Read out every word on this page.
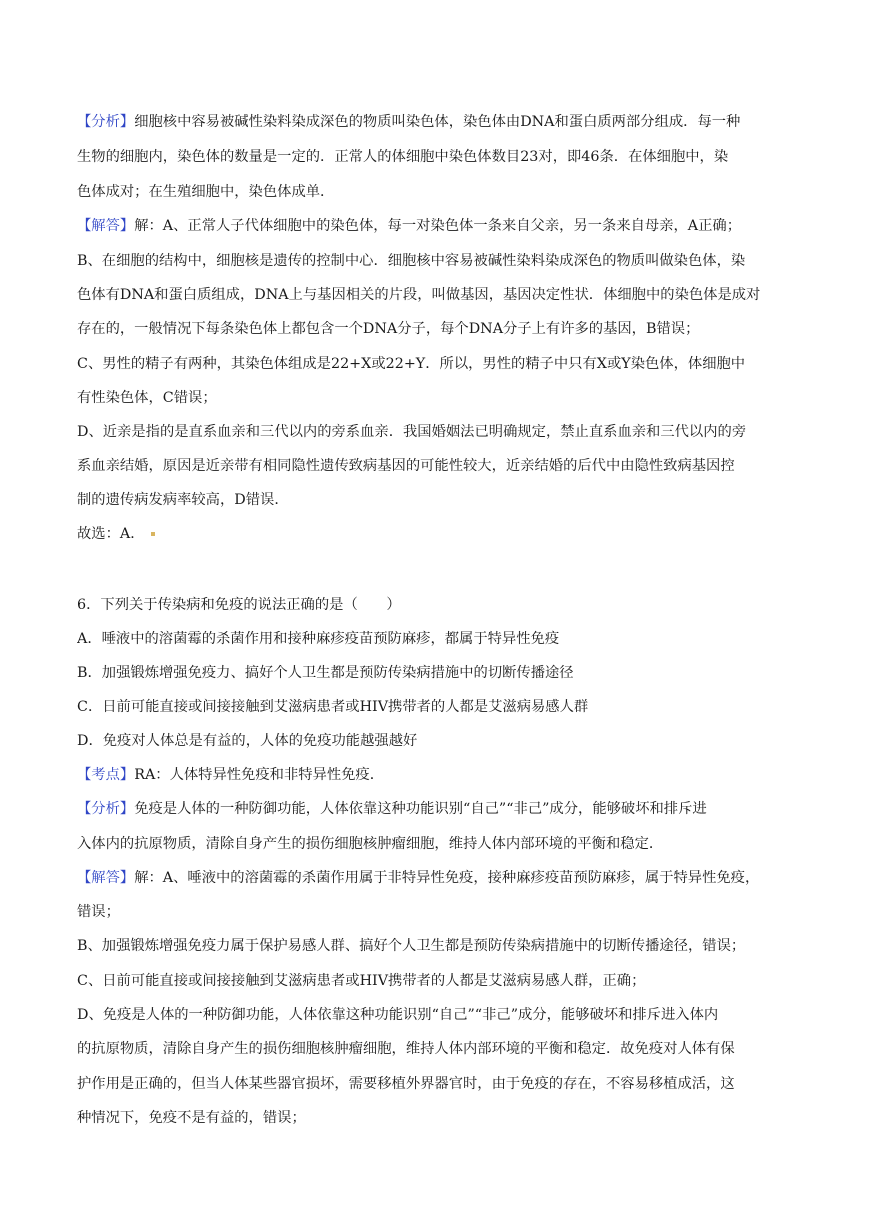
【分析】细胞核中容易被碱性染料染成深色的物质叫染色体，染色体由DNA和蛋白质两部分组成．每一种
生物的细胞内，染色体的数量是一定的．正常人的体细胞中染色体数目23对，即46条．在体细胞中，染
色体成对；在生殖细胞中，染色体成单．
【解答】解：A、正常人子代体细胞中的染色体，每一对染色体一条来自父亲，另一条来自母亲，A正确；
B、在细胞的结构中，细胞核是遗传的控制中心．细胞核中容易被碱性染料染成深色的物质叫做染色体，染
色体有DNA和蛋白质组成，DNA上与基因相关的片段，叫做基因，基因决定性状．体细胞中的染色体是成对
存在的，一般情况下每条染色体上都包含一个DNA分子，每个DNA分子上有许多的基因，B错误；
C、男性的精子有两种，其染色体组成是22+X或22+Y．所以，男性的精子中只有X或Y染色体，体细胞中
有性染色体，C错误；
D、近亲是指的是直系血亲和三代以内的旁系血亲．我国婚姻法已明确规定，禁止直系血亲和三代以内的旁
系血亲结婚，原因是近亲带有相同隐性遗传致病基因的可能性较大，近亲结婚的后代中由隐性致病基因控
制的遗传病发病率较高，D错误．
故选：A．
6．下列关于传染病和免疫的说法正确的是（　　）
A．唾液中的溶菌霉的杀菌作用和接种麻疹疫苗预防麻疹，都属于特异性免疫
B．加强锻炼增强免疫力、搞好个人卫生都是预防传染病措施中的切断传播途径
C．日前可能直接或间接接触到艾滋病患者或HIV携带者的人都是艾滋病易感人群
D．免疫对人体总是有益的，人体的免疫功能越强越好
【考点】RA：人体特异性免疫和非特异性免疫．
【分析】免疫是人体的一种防御功能，人体依靠这种功能识别“自己”“非己”成分，能够破坏和排斥进
入体内的抗原物质，清除自身产生的损伤细胞核肿瘤细胞，维持人体内部环境的平衡和稳定．
【解答】解：A、唾液中的溶菌霉的杀菌作用属于非特异性免疫，接种麻疹疫苗预防麻疹，属于特异性免疫，
错误；
B、加强锻炼增强免疫力属于保护易感人群、搞好个人卫生都是预防传染病措施中的切断传播途径，错误；
C、日前可能直接或间接接触到艾滋病患者或HIV携带者的人都是艾滋病易感人群，正确；
D、免疫是人体的一种防御功能，人体依靠这种功能识别“自己”“非己”成分，能够破坏和排斥进入体内
的抗原物质，清除自身产生的损伤细胞核肿瘤细胞，维持人体内部环境的平衡和稳定．故免疫对人体有保
护作用是正确的，但当人体某些器官损坏，需要移植外界器官时，由于免疫的存在，不容易移植成活，这
种情况下，免疫不是有益的，错误；
